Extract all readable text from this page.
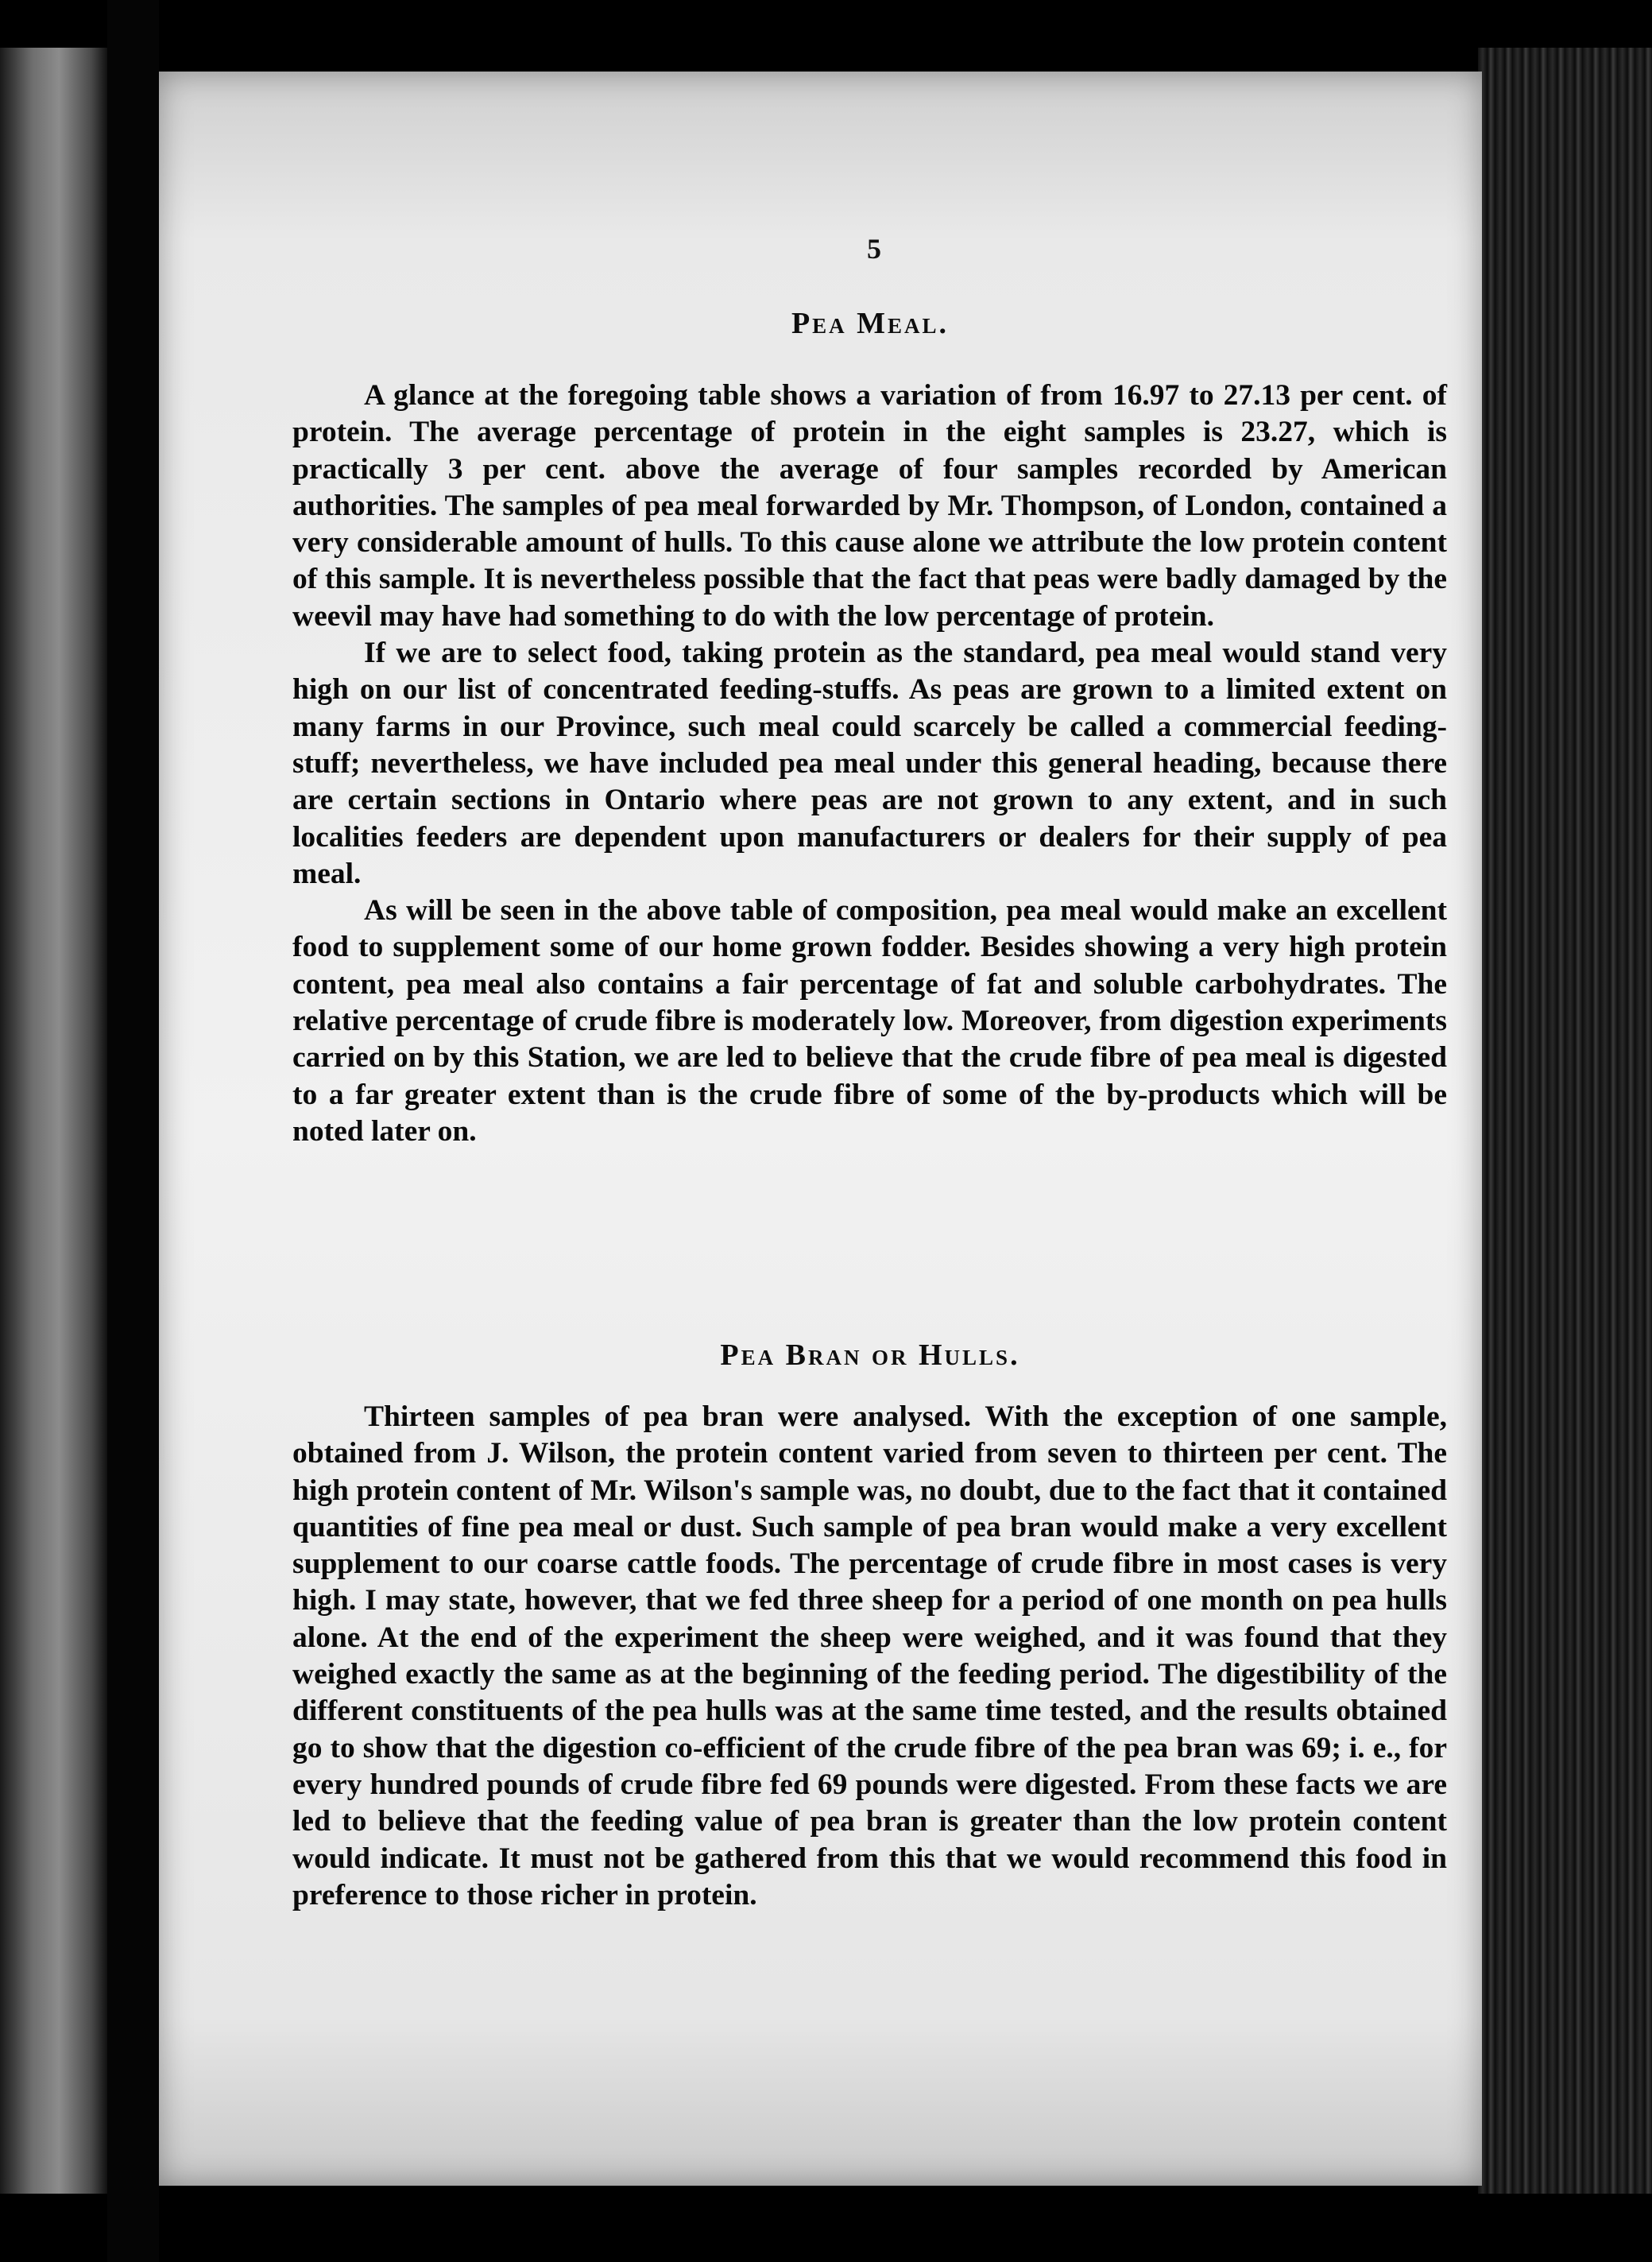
5
Pea Meal.

A glance at the foregoing table shows a variation of from 16.97 to 27.13 per cent. of protein. The average percentage of protein in the eight samples is 23.27, which is practically 3 per cent. above the average of four samples recorded by American authorities. The samples of pea meal forwarded by Mr. Thompson, of London, contained a very considerable amount of hulls. To this cause alone we attribute the low protein content of this sample. It is nevertheless possible that the fact that peas were badly damaged by the weevil may have had something to do with the low percentage of protein.

If we are to select food, taking protein as the standard, pea meal would stand very high on our list of concentrated feeding-stuffs. As peas are grown to a limited extent on many farms in our Province, such meal could scarcely be called a commercial feeding-stuff; nevertheless, we have included pea meal under this general heading, because there are certain sections in Ontario where peas are not grown to any extent, and in such localities feeders are dependent upon manufacturers or dealers for their supply of pea meal.

As will be seen in the above table of composition, pea meal would make an excellent food to supplement some of our home grown fodder. Besides showing a very high protein content, pea meal also contains a fair percentage of fat and soluble carbohydrates. The relative percentage of crude fibre is moderately low. Moreover, from digestion experiments carried on by this Station, we are led to believe that the crude fibre of pea meal is digested to a far greater extent than is the crude fibre of some of the by-products which will be noted later on.

Pea Bran or Hulls.

Thirteen samples of pea bran were analysed. With the exception of one sample, obtained from J. Wilson, the protein content varied from seven to thirteen per cent. The high protein content of Mr. Wilson's sample was, no doubt, due to the fact that it contained quantities of fine pea meal or dust. Such sample of pea bran would make a very excellent supplement to our coarse cattle foods. The percentage of crude fibre in most cases is very high. I may state, however, that we fed three sheep for a period of one month on pea hulls alone. At the end of the experiment the sheep were weighed, and it was found that they weighed exactly the same as at the beginning of the feeding period. The digestibility of the different constituents of the pea hulls was at the same time tested, and the results obtained go to show that the digestion co-efficient of the crude fibre of the pea bran was 69; i. e., for every hundred pounds of crude fibre fed 69 pounds were digested. From these facts we are led to believe that the feeding value of pea bran is greater than the low protein content would indicate. It must not be gathered from this that we would recommend this food in preference to those richer in protein.
